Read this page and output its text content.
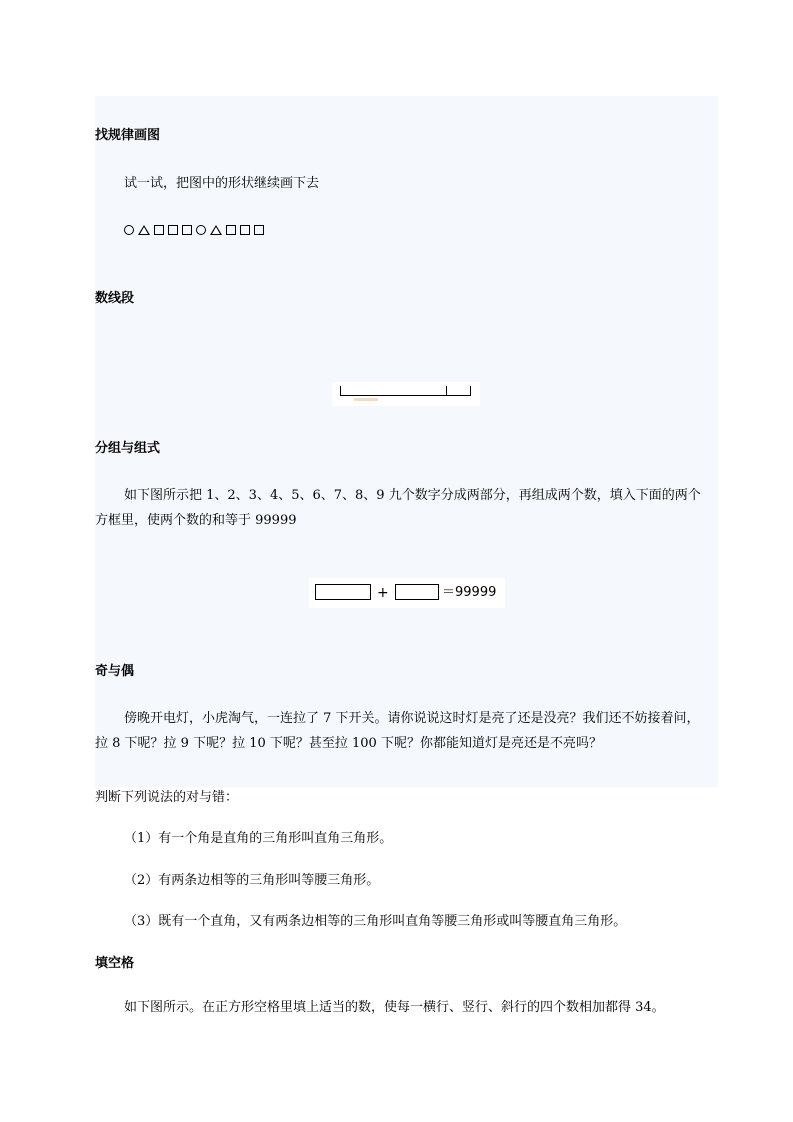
找规律画图
试一试，把图中的形状继续画下去
数线段
分组与组式
如下图所示把 1、2、3、4、5、6、7、8、9 九个数字分成两部分，再组成两个数，填入下面的两个
方框里，使两个数的和等于 99999
+	＝99999
奇与偶
傍晚开电灯，小虎淘气，一连拉了 7 下开关。请你说说这时灯是亮了还是没亮？我们还不妨接着问，
拉 8 下呢？拉 9 下呢？拉 10 下呢？甚至拉 100 下呢？你都能知道灯是亮还是不亮吗？
判断下列说法的对与错：
（1）有一个角是直角的三角形叫直角三角形。
（2）有两条边相等的三角形叫等腰三角形。
（3）既有一个直角，又有两条边相等的三角形叫直角等腰三角形或叫等腰直角三角形。
填空格
如下图所示。在正方形空格里填上适当的数，使每一横行、竖行、斜行的四个数相加都得 34。
